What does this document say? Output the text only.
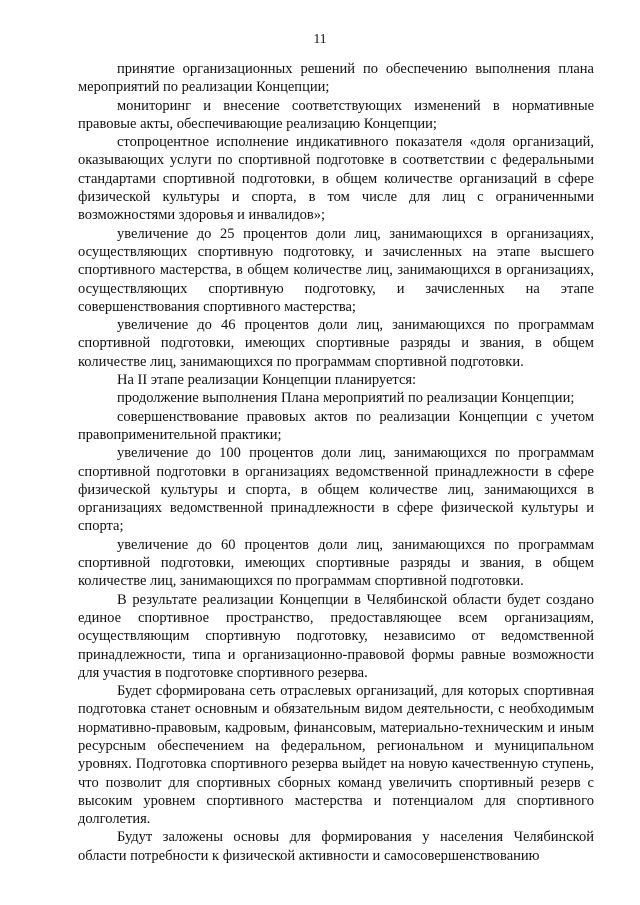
11

принятие организационных решений по обеспечению выполнения плана мероприятий по реализации Концепции;

мониторинг и внесение соответствующих изменений в нормативные правовые акты, обеспечивающие реализацию Концепции;

стопроцентное исполнение индикативного показателя «доля организаций, оказывающих услуги по спортивной подготовке в соответствии с федеральными стандартами спортивной подготовки, в общем количестве организаций в сфере физической культуры и спорта, в том числе для лиц с ограниченными возможностями здоровья и инвалидов»;

увеличение до 25 процентов доли лиц, занимающихся в организациях, осуществляющих спортивную подготовку, и зачисленных на этапе высшего спортивного мастерства, в общем количестве лиц, занимающихся в организациях, осуществляющих спортивную подготовку, и зачисленных на этапе совершенствования спортивного мастерства;

увеличение до 46 процентов доли лиц, занимающихся по программам спортивной подготовки, имеющих спортивные разряды и звания, в общем количестве лиц, занимающихся по программам спортивной подготовки.

На II этапе реализации Концепции планируется:

продолжение выполнения Плана мероприятий по реализации Концепции;

совершенствование правовых актов по реализации Концепции с учетом правоприменительной практики;

увеличение до 100 процентов доли лиц, занимающихся по программам спортивной подготовки в организациях ведомственной принадлежности в сфере физической культуры и спорта, в общем количестве лиц, занимающихся в организациях ведомственной принадлежности в сфере физической культуры и спорта;

увеличение до 60 процентов доли лиц, занимающихся по программам спортивной подготовки, имеющих спортивные разряды и звания, в общем количестве лиц, занимающихся по программам спортивной подготовки.

В результате реализации Концепции в Челябинской области будет создано единое спортивное пространство, предоставляющее всем организациям, осуществляющим спортивную подготовку, независимо от ведомственной принадлежности, типа и организационно-правовой формы равные возможности для участия в подготовке спортивного резерва.

Будет сформирована сеть отраслевых организаций, для которых спортивная подготовка станет основным и обязательным видом деятельности, с необходимым нормативно-правовым, кадровым, финансовым, материально-техническим и иным ресурсным обеспечением на федеральном, региональном и муниципальном уровнях. Подготовка спортивного резерва выйдет на новую качественную ступень, что позволит для спортивных сборных команд увеличить спортивный резерв с высоким уровнем спортивного мастерства и потенциалом для спортивного долголетия.

Будут заложены основы для формирования у населения Челябинской области потребности к физической активности и самосовершенствованию
